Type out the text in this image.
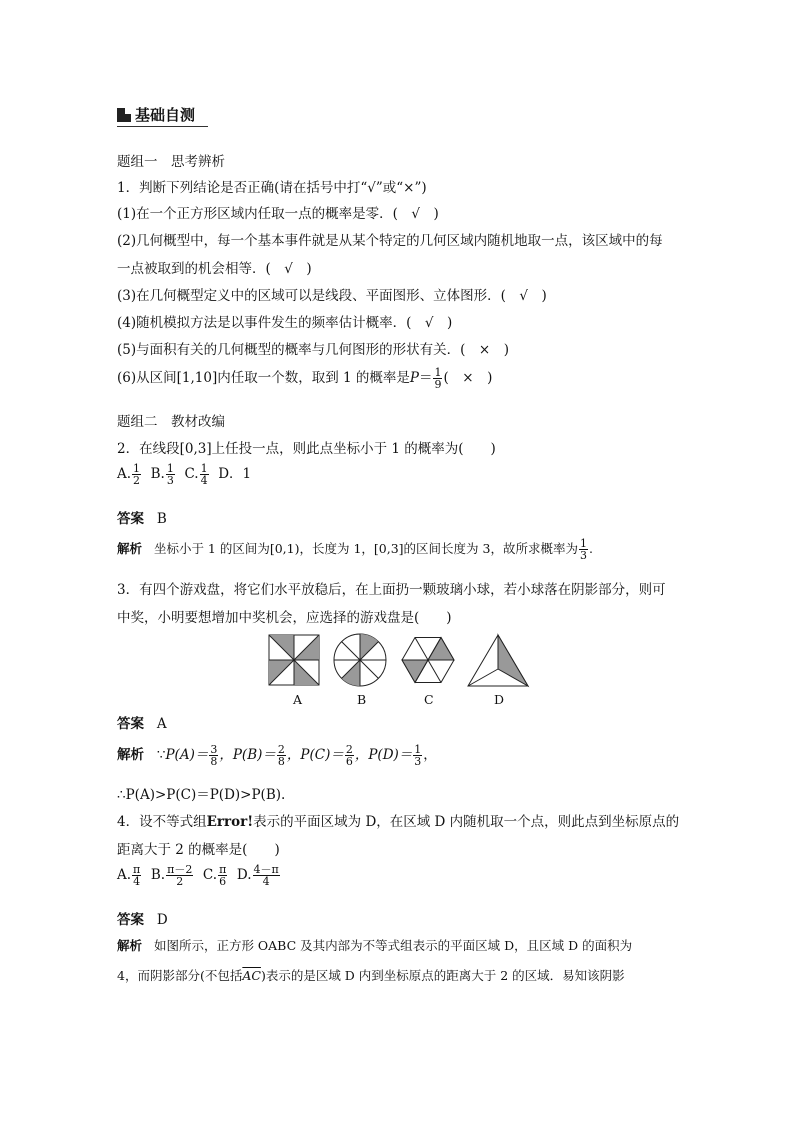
基础自测
题组一　思考辨析
1．判断下列结论是否正确(请在括号中打“√”或“×”)
(1)在一个正方形区域内任取一点的概率是零．(　√　)
(2)几何概型中，每一个基本事件就是从某个特定的几何区域内随机地取一点，该区域中的每
一点被取到的机会相等．(　√　)
(3)在几何概型定义中的区域可以是线段、平面图形、立体图形．(　√　)
(4)随机模拟方法是以事件发生的频率估计概率．(　√　)
(5)与面积有关的几何概型的概率与几何图形的形状有关．(　×　)
(6)从区间[1,10]内任取一个数，取到 1 的概率是$P= \frac{1}{9}$ (　×　)
题组二　教材改编
2．在线段[0,3]上任投一点，则此点坐标小于 1 的概率为(　　)
A. $\frac{1}{2} B$. $\frac{1}{3} C$. $\frac{1}{4}$ D．1
答案 B
解析 坐标小于 1 的区间为[0,1)，长度为 1，[0,3]的区间长度为 3，故所求概率为 $\frac{1}{3}$ .
3．有四个游戏盘，将它们水平放稳后，在上面扔一颗玻璃小球，若小球落在阴影部分，则可
中奖，小明要想增加中奖机会，应选择的游戏盘是(　　)
A	B	C	D
答案 A
解析 ∵P(A)＝ $\frac{3}{8}$ ，$P(B)= \frac{2}{8}$ ，$P(C)= \frac{2}{6}$ ，$P(D)= \frac{1}{3}$ ，
∴P(A)>P(C)＝P(D)>P(B).
4．设不等式组Error!表示的平面区域为 D，在区域 D 内随机取一个点，则此点到坐标原点的
距离大于 2 的概率是(　　)
A. $\frac{\pi}{4} B$. $\frac{\pi-2}{2} C$. $\frac{\pi}{6} D$. $\frac{4-\pi}{4}$
答案 D
解析 如图所示，正方形 OABC 及其内部为不等式组表示的平面区域 D，且区域 D 的面积为
4，而阴影部分(不包括$\overline{AC}$)表示的是区域 D 内到坐标原点的距离大于 2 的区域．易知该阴影
